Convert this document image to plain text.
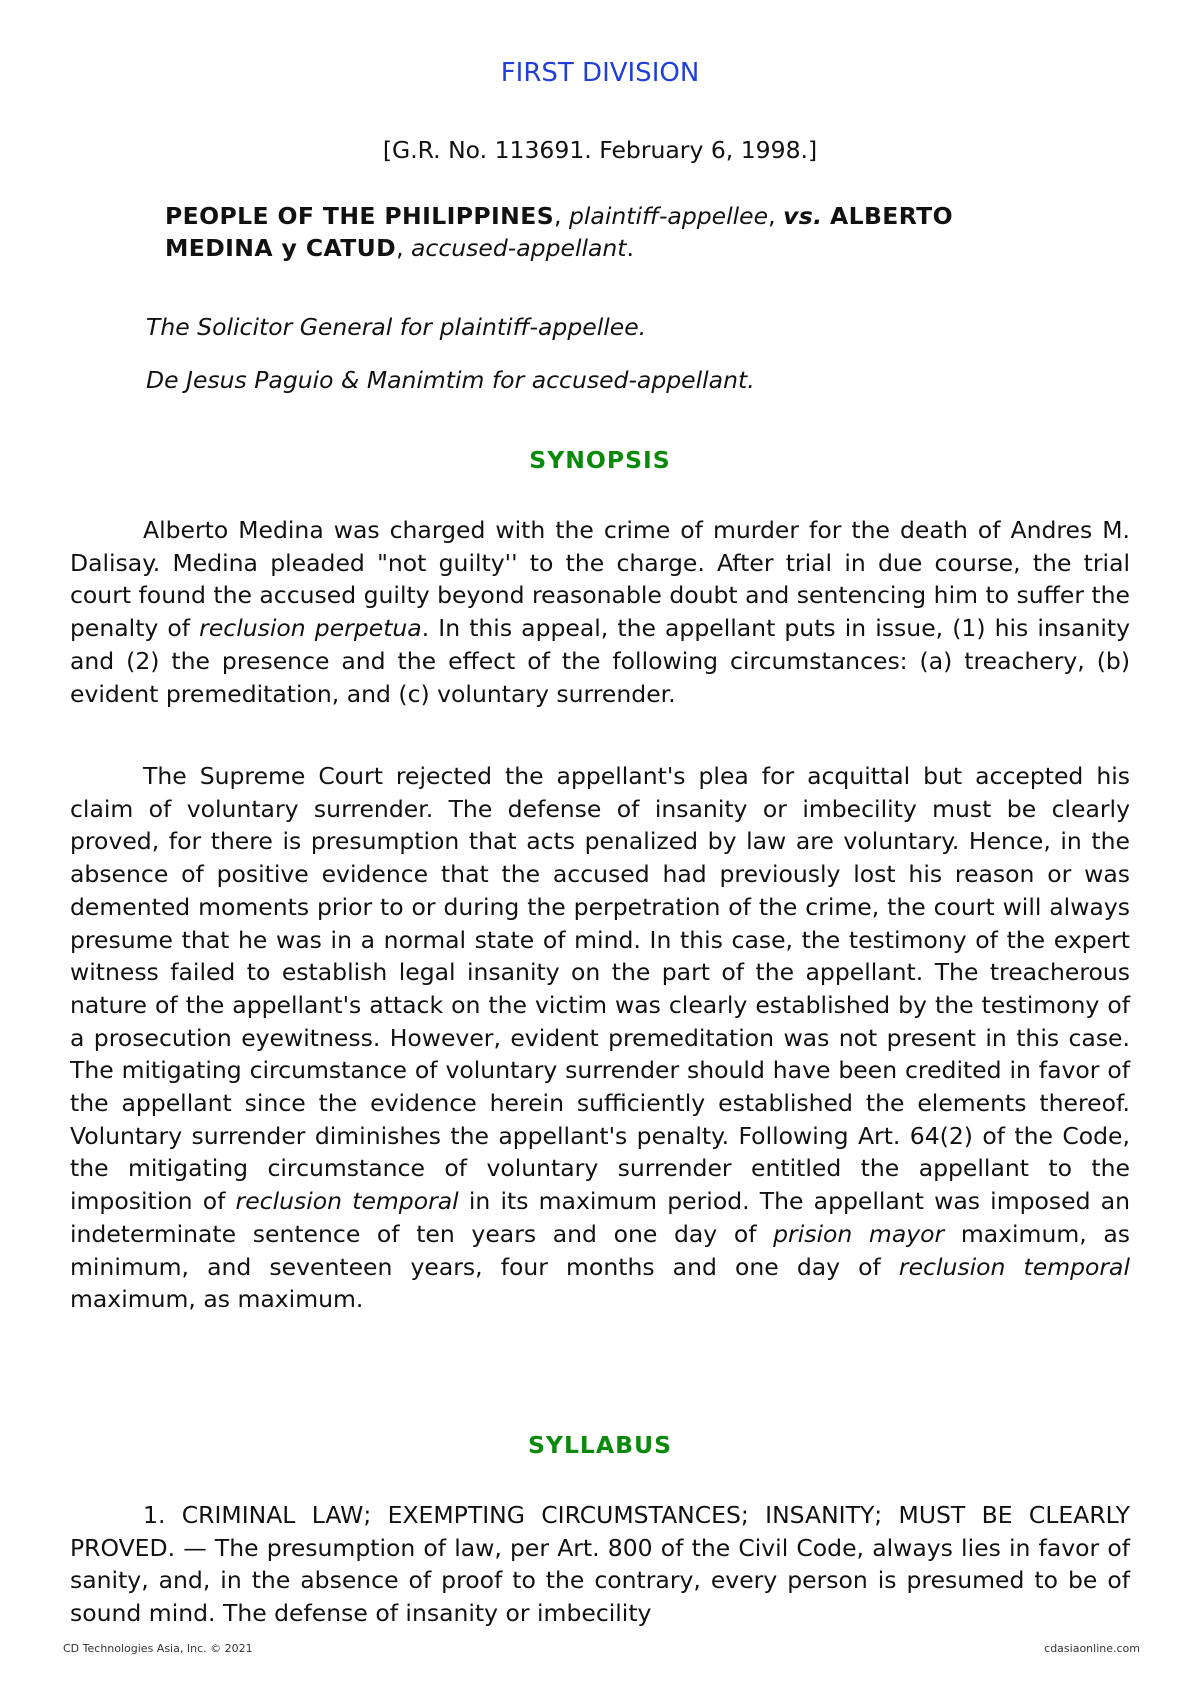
FIRST DIVISION
[G.R. No. 113691. February 6, 1998.]
PEOPLE OF THE PHILIPPINES, plaintiff-appellee, vs. ALBERTO MEDINA y CATUD, accused-appellant.
The Solicitor General for plaintiff-appellee.
De Jesus Paguio & Manimtim for accused-appellant.
SYNOPSIS
Alberto Medina was charged with the crime of murder for the death of Andres M. Dalisay. Medina pleaded "not guilty'' to the charge. After trial in due course, the trial court found the accused guilty beyond reasonable doubt and sentencing him to suffer the penalty of reclusion perpetua. In this appeal, the appellant puts in issue, (1) his insanity and (2) the presence and the effect of the following circumstances: (a) treachery, (b) evident premeditation, and (c) voluntary surrender.
The Supreme Court rejected the appellant's plea for acquittal but accepted his claim of voluntary surrender. The defense of insanity or imbecility must be clearly proved, for there is presumption that acts penalized by law are voluntary. Hence, in the absence of positive evidence that the accused had previously lost his reason or was demented moments prior to or during the perpetration of the crime, the court will always presume that he was in a normal state of mind. In this case, the testimony of the expert witness failed to establish legal insanity on the part of the appellant. The treacherous nature of the appellant's attack on the victim was clearly established by the testimony of a prosecution eyewitness. However, evident premeditation was not present in this case. The mitigating circumstance of voluntary surrender should have been credited in favor of the appellant since the evidence herein sufficiently established the elements thereof. Voluntary surrender diminishes the appellant's penalty. Following Art. 64(2) of the Code, the mitigating circumstance of voluntary surrender entitled the appellant to the imposition of reclusion temporal in its maximum period. The appellant was imposed an indeterminate sentence of ten years and one day of prision mayor maximum, as minimum, and seventeen years, four months and one day of reclusion temporal maximum, as maximum.
SYLLABUS
1. CRIMINAL LAW; EXEMPTING CIRCUMSTANCES; INSANITY; MUST BE CLEARLY PROVED. — The presumption of law, per Art. 800 of the Civil Code, always lies in favor of sanity, and, in the absence of proof to the contrary, every person is presumed to be of sound mind. The defense of insanity or imbecility
CD Technologies Asia, Inc. © 2021	cdasiaonline.com
